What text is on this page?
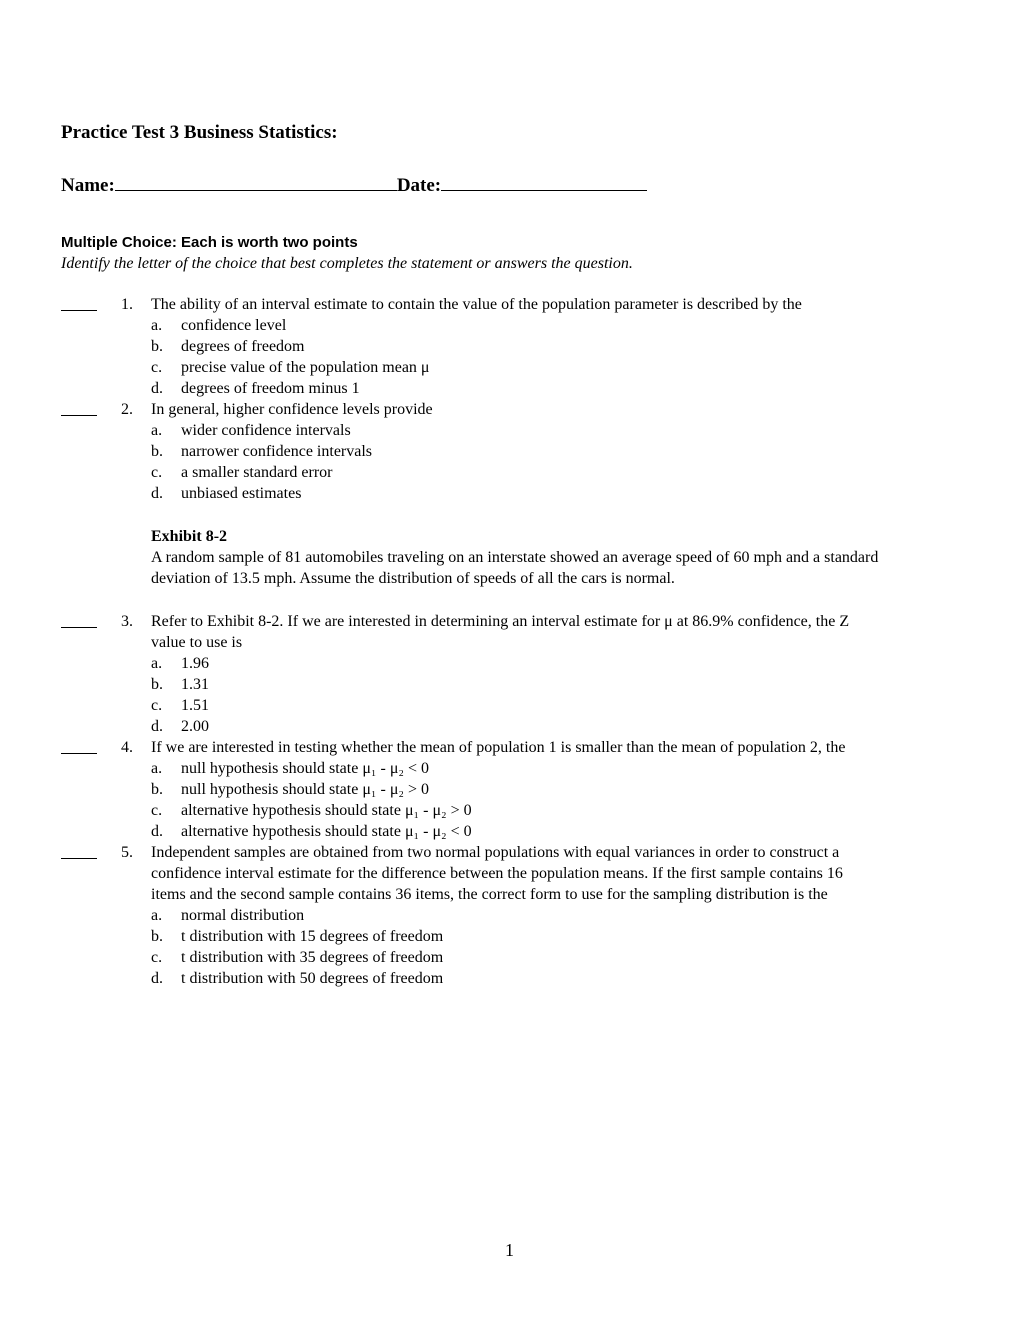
Practice Test 3 Business Statistics:
Name:	Date:
Multiple Choice: Each is worth two points
Identify the letter of the choice that best completes the statement or answers the question.
1. The ability of an interval estimate to contain the value of the population parameter is described by the
a. confidence level
b. degrees of freedom
c. precise value of the population mean μ
d. degrees of freedom minus 1
2. In general, higher confidence levels provide
a. wider confidence intervals
b. narrower confidence intervals
c. a smaller standard error
d. unbiased estimates
Exhibit 8-2
A random sample of 81 automobiles traveling on an interstate showed an average speed of 60 mph and a standard deviation of 13.5 mph. Assume the distribution of speeds of all the cars is normal.
3. Refer to Exhibit 8-2. If we are interested in determining an interval estimate for μ at 86.9% confidence, the Z value to use is
a. 1.96
b. 1.31
c. 1.51
d. 2.00
4. If we are interested in testing whether the mean of population 1 is smaller than the mean of population 2, the
a. null hypothesis should state μ₁ - μ₂ < 0
b. null hypothesis should state μ₁ - μ₂ > 0
c. alternative hypothesis should state μ₁ - μ₂ > 0
d. alternative hypothesis should state μ₁ - μ₂ < 0
5. Independent samples are obtained from two normal populations with equal variances in order to construct a confidence interval estimate for the difference between the population means. If the first sample contains 16 items and the second sample contains 36 items, the correct form to use for the sampling distribution is the
a. normal distribution
b. t distribution with 15 degrees of freedom
c. t distribution with 35 degrees of freedom
d. t distribution with 50 degrees of freedom
1
